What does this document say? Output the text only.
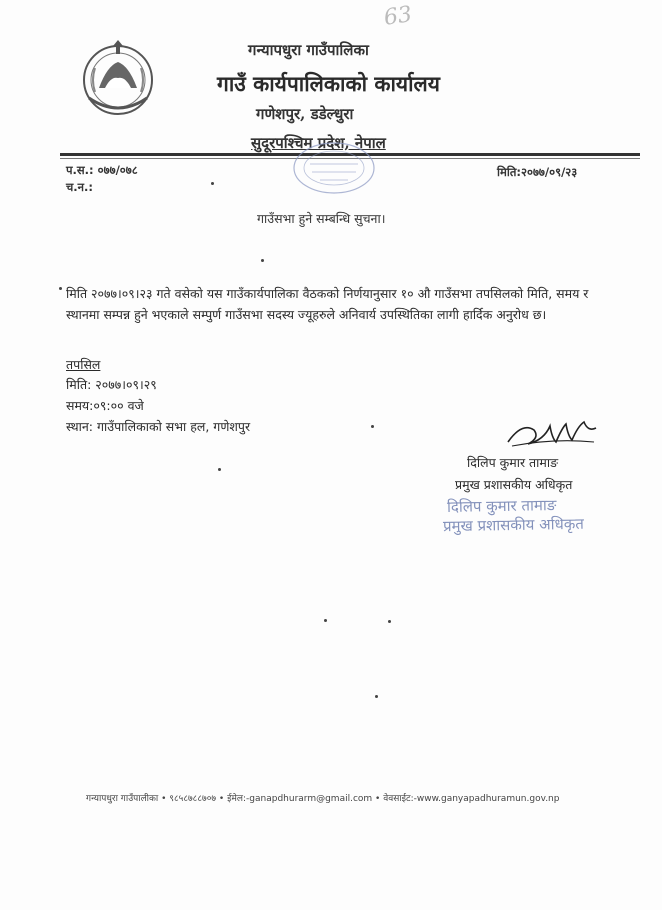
63
गन्यापधुरा गाउँपालिका
गाउँ कार्यपालिकाको कार्यालय
गणेशपुर, डडेल्धुरा
सुदूरपश्चिम प्रदेश, नेपाल
प.स.: ०७७/०७८
च.न.:
मिति:२०७७/०९/२३
गाउँसभा हुने सम्बन्धि सुचना।
मिति २०७७।०९।२३ गते वसेको यस गाउँकार्यपालिका वैठकको निर्णयानुसार १० औ गाउँसभा तपसिलको मिति, समय र स्थानमा सम्पन्न हुने भएकाले सम्पुर्ण गाउँसभा सदस्य ज्यूहरुले अनिवार्य उपस्थितिका लागी हार्दिक अनुरोध छ।
तपसिल
मिति: २०७७।०९।२९
समय:०९:०० वजे
स्थान: गाउँपालिकाको सभा हल, गणेशपुर
दिलिप कुमार तामाङ
प्रमुख प्रशासकीय अधिकृत
दिलिप कुमार तामाङ
प्रमुख प्रशासकीय अधिकृत
गन्यापधुरा गाउँपालीका • ९८५८७८८७०७ • ईमेल:-ganapdhurarm@gmail.com • वेवसाईट:-www.ganyapadhuramun.gov.np
